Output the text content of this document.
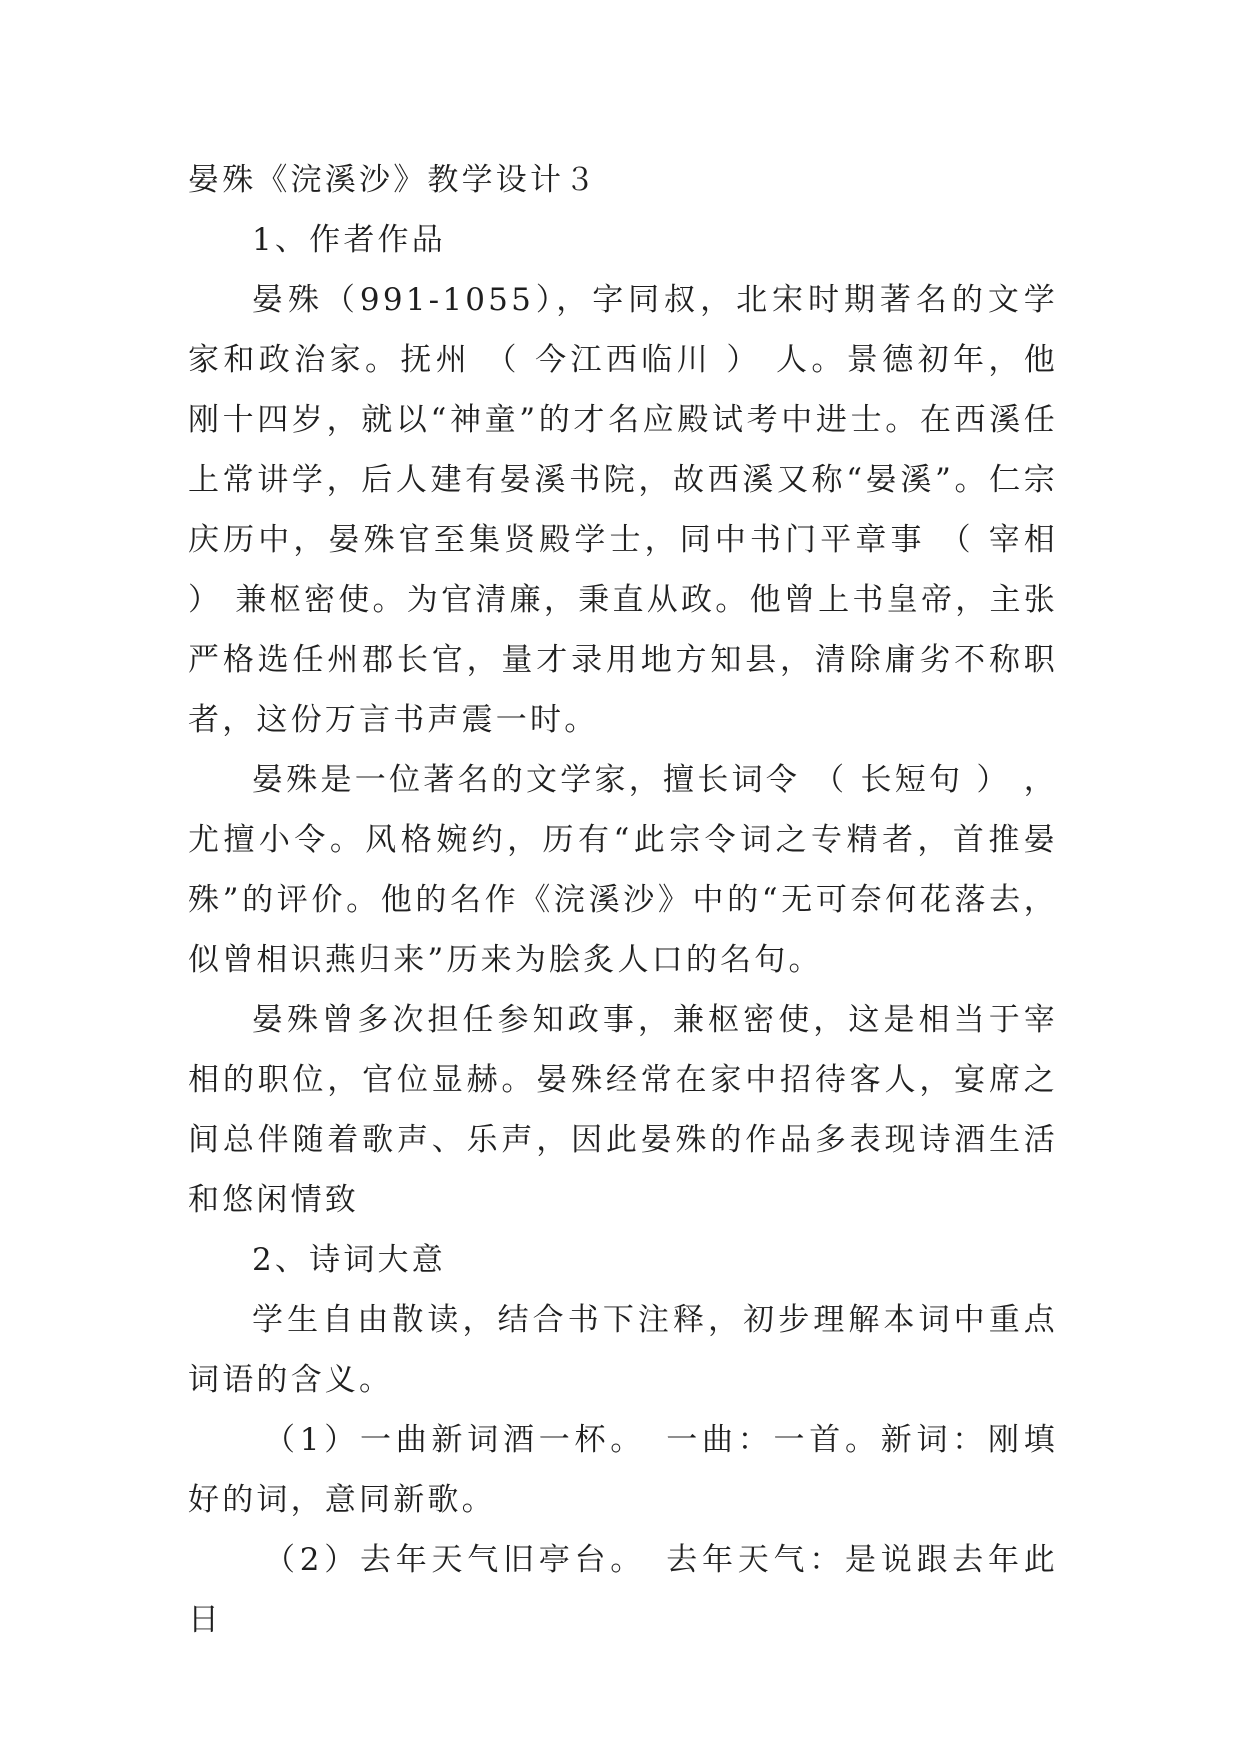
晏殊《浣溪沙》教学设计３

1、作者作品

晏殊（991-1055），字同叔，北宋时期著名的文学家和政治家。抚州 （ 今江西临川 ） 人。景德初年，他刚十四岁，就以“神童”的才名应殿试考中进士。在西溪任上常讲学，后人建有晏溪书院，故西溪又称“晏溪”。仁宗庆历中，晏殊官至集贤殿学士，同中书门平章事 （ 宰相 ） 兼枢密使。为官清廉，秉直从政。他曾上书皇帝，主张严格选任州郡长官，量才录用地方知县，清除庸劣不称职者，这份万言书声震一时。

晏殊是一位著名的文学家，擅长词令 （ 长短句 ） ，尤擅小令。风格婉约，历有“此宗令词之专精者，首推晏殊”的评价。他的名作《浣溪沙》中的“无可奈何花落去，似曾相识燕归来”历来为脍炙人口的名句。

晏殊曾多次担任参知政事，兼枢密使，这是相当于宰相的职位，官位显赫。晏殊经常在家中招待客人，宴席之间总伴随着歌声、乐声，因此晏殊的作品多表现诗酒生活和悠闲情致

2、诗词大意

学生自由散读，结合书下注释，初步理解本词中重点词语的含义。

（1）一曲新词酒一杯。　一曲：一首。新词：刚填好的词，意同新歌。

（2）去年天气旧亭台。　去年天气：是说跟去年此日
